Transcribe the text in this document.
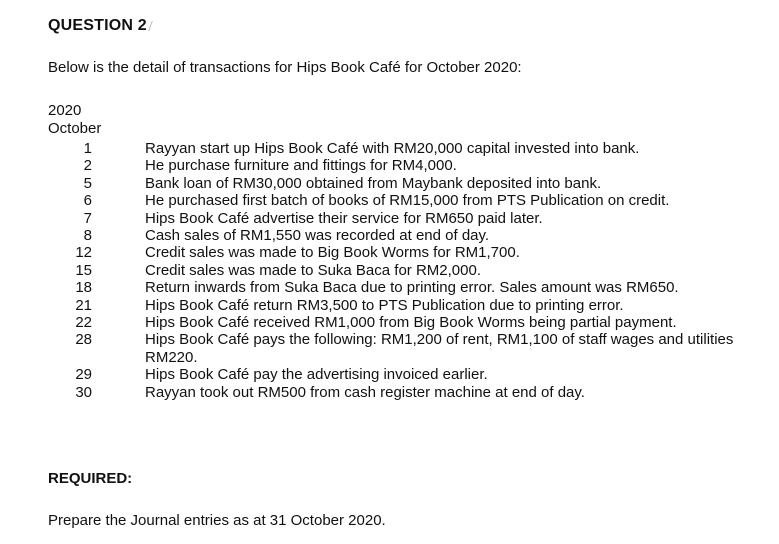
QUESTION 2
Below is the detail of transactions for Hips Book Café for October 2020:
2020
October
1	Rayyan start up Hips Book Café with RM20,000 capital invested into bank.
2	He purchase furniture and fittings for RM4,000.
5	Bank loan of RM30,000 obtained from Maybank deposited into bank.
6	He purchased first batch of books of RM15,000 from PTS Publication on credit.
7	Hips Book Café advertise their service for RM650 paid later.
8	Cash sales of RM1,550 was recorded at end of day.
12	Credit sales was made to Big Book Worms for RM1,700.
15	Credit sales was made to Suka Baca for RM2,000.
18	Return inwards from Suka Baca due to printing error. Sales amount was RM650.
21	Hips Book Café return RM3,500 to PTS Publication due to printing error.
22	Hips Book Café received RM1,000 from Big Book Worms being partial payment.
28	Hips Book Café pays the following: RM1,200 of rent, RM1,100 of staff wages and utilities RM220.
29	Hips Book Café pay the advertising invoiced earlier.
30	Rayyan took out RM500 from cash register machine at end of day.
REQUIRED:
Prepare the Journal entries as at 31 October 2020.
